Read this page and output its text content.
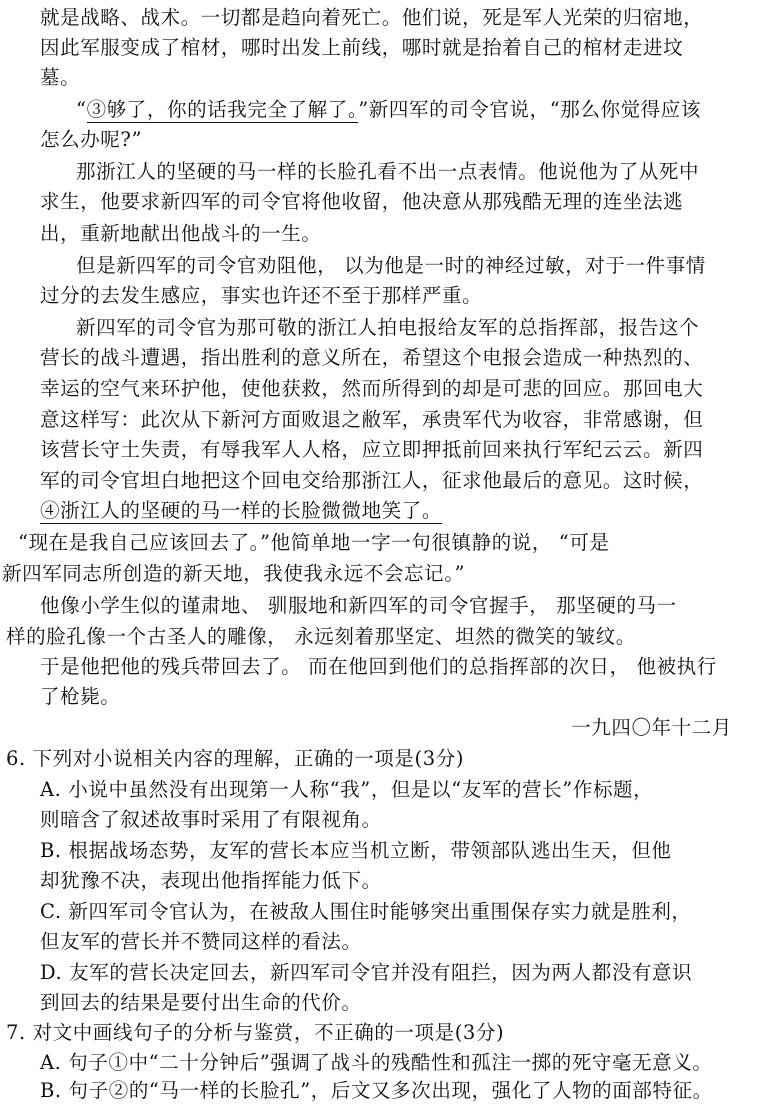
就是战略、战术。一切都是趋向着死亡。他们说，死是军人光荣的归宿地，
因此军服变成了棺材，哪时出发上前线，哪时就是抬着自己的棺材走进坟
墓。
“③够了，你的话我完全了解了。”新四军的司令官说，“那么你觉得应该
怎么办呢?”
那浙江人的坚硬的马一样的长脸孔看不出一点表情。他说他为了从死中
求生，他要求新四军的司令官将他收留，他决意从那残酷无理的连坐法逃
出，重新地献出他战斗的一生。
但是新四军的司令官劝阻他， 以为他是一时的神经过敏，对于一件事情
过分的去发生感应，事实也许还不至于那样严重。
新四军的司令官为那可敬的浙江人拍电报给友军的总指挥部，报告这个
营长的战斗遭遇，指出胜利的意义所在，希望这个电报会造成一种热烈的、
幸运的空气来环护他，使他获救，然而所得到的却是可悲的回应。那回电大
意这样写：此次从下新河方面败退之敝军，承贵军代为收容，非常感谢，但
该营长守土失责，有辱我军人人格，应立即押抵前回来执行军纪云云。新四
军的司令官坦白地把这个回电交给那浙江人，征求他最后的意见。这时候，
④浙江人的坚硬的马一样的长脸微微地笑了。
“现在是我自己应该回去了。”他简单地一字一句很镇静的说， “可是
新四军同志所创造的新天地，我使我永远不会忘记。”
他像小学生似的谨肃地、 驯服地和新四军的司令官握手， 那坚硬的马一
样的脸孔像一个古圣人的雕像， 永远刻着那坚定、坦然的微笑的皱纹。
于是他把他的残兵带回去了。 而在他回到他们的总指挥部的次日， 他被执行
了枪毙。
一九四〇年十二月
6. 下列对小说相关内容的理解，正确的一项是(3分)
A. 小说中虽然没有出现第一人称“我”，但是以“友军的营长”作标题，
则暗含了叙述故事时采用了有限视角。
B. 根据战场态势，友军的营长本应当机立断，带领部队逃出生天，但他
却犹豫不决，表现出他指挥能力低下。
C. 新四军司令官认为，在被敌人围住时能够突出重围保存实力就是胜利，
但友军的营长并不赞同这样的看法。
D. 友军的营长决定回去，新四军司令官并没有阻拦，因为两人都没有意识
到回去的结果是要付出生命的代价。
7. 对文中画线句子的分析与鉴赏，不正确的一项是(3分)
A. 句子①中“二十分钟后”强调了战斗的残酷性和孤注一掷的死守毫无意义。
B. 句子②的“马一样的长脸孔”，后文又多次出现，强化了人物的面部特征。
